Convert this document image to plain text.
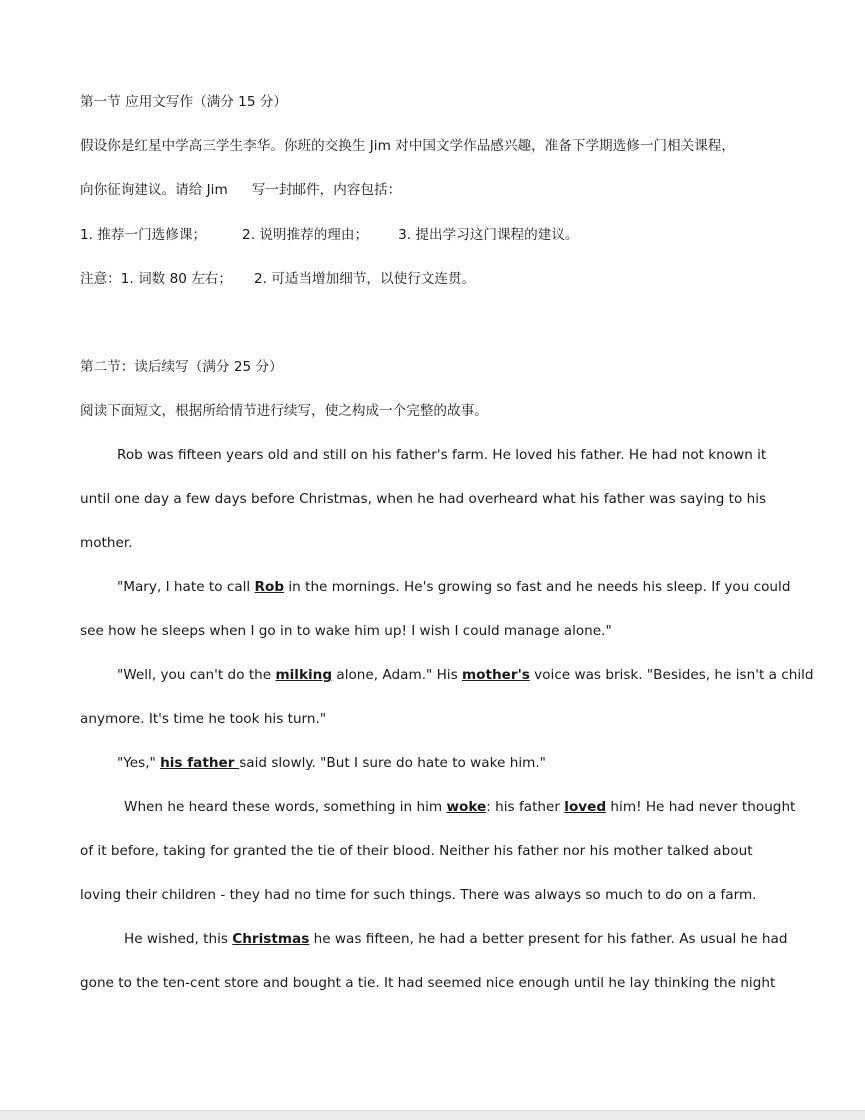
第一节 应用文写作（满分 15 分）
假设你是红星中学高三学生李华。你班的交换生 Jim 对中国文学作品感兴趣，准备下学期选修一门相关课程，
向你征询建议。请给 Jim 写一封邮件，内容包括：
1. 推荐一门选修课；	2. 说明推荐的理由； 3. 提出学习这门课程的建议。
注意：1. 词数 80 左右； 2. 可适当增加细节，以使行文连贯。
第二节：读后续写（满分 25 分）
阅读下面短文，根据所给情节进行续写，使之构成一个完整的故事。
Rob was fifteen years old and still on his father's farm. He loved his father. He had not known it
until one day a few days before Christmas, when he had overheard what his father was saying to his
mother.
"Mary, I hate to call Rob in the mornings. He's growing so fast and he needs his sleep. If you could
see how he sleeps when I go in to wake him up! I wish I could manage alone."
"Well, you can't do the milking alone, Adam." His mother's voice was brisk. "Besides, he isn't a child
anymore. It's time he took his turn."
"Yes," his father said slowly. "But I sure do hate to wake him."
When he heard these words, something in him woke: his father loved him! He had never thought
of it before, taking for granted the tie of their blood. Neither his father nor his mother talked about
loving their children - they had no time for such things. There was always so much to do on a farm.
He wished, this Christmas he was fifteen, he had a better present for his father. As usual he had
gone to the ten-cent store and bought a tie. It had seemed nice enough until he lay thinking the night
